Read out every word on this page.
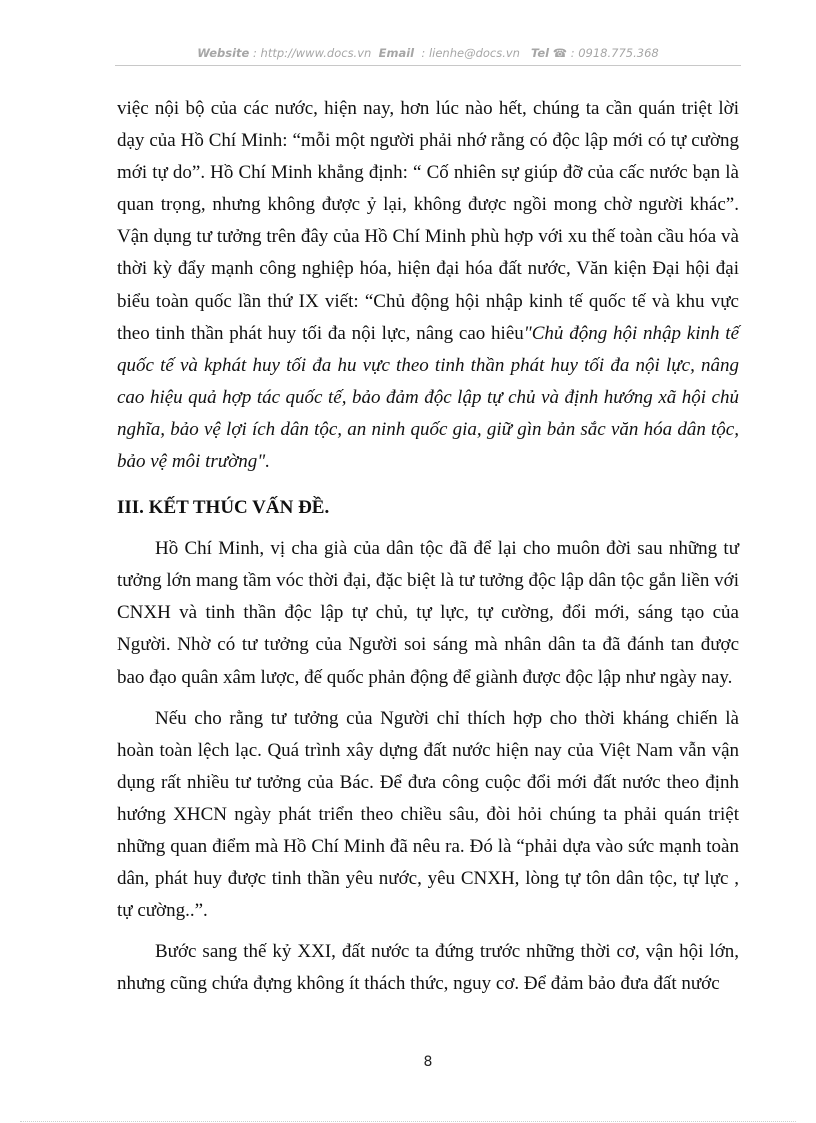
Website : http://www.docs.vn Email : lienhe@docs.vn Tel ☎ : 0918.775.368

việc nội bộ của các nước, hiện nay, hơn lúc nào hết, chúng ta cần quán triệt lời dạy của Hồ Chí Minh: “mỗi một người phải nhớ rằng có độc lập mới có tự cường mới tự do”. Hồ Chí Minh khẳng định: “ Cố nhiên sự giúp đỡ của cấc nước bạn là quan trọng, nhưng không được ỷ lại, không được ngồi mong chờ người khác”. Vận dụng tư tưởng trên đây của Hồ Chí Minh phù hợp với xu thế toàn cầu hóa và thời kỳ đẩy mạnh công nghiệp hóa, hiện đại hóa đất nước, Văn kiện Đại hội đại biểu toàn quốc lần thứ IX viết: “Chủ động hội nhập kinh tế quốc tế và khu vực theo tinh thần phát huy tối đa nội lực, nâng cao hiêu"Chủ động hội nhập kinh tế quốc tế và kphát huy tối đa hu vực theo tinh thần phát huy tối đa nội lực, nâng cao hiệu quả hợp tác quốc tế, bảo đảm độc lập tự chủ và định hướng xã hội chủ nghĩa, bảo vệ lợi ích dân tộc, an ninh quốc gia, giữ gìn bản sắc văn hóa dân tộc, bảo vệ môi trường".

III. KẾT THÚC VẤN ĐỀ.

Hồ Chí Minh, vị cha già của dân tộc đã để lại cho muôn đời sau những tư tưởng lớn mang tầm vóc thời đại, đặc biệt là tư tưởng độc lập dân tộc gắn liền với CNXH và tinh thần độc lập tự chủ, tự lực, tự cường, đổi mới, sáng tạo của Người. Nhờ có tư tưởng của Người soi sáng mà nhân dân ta đã đánh tan được bao đạo quân xâm lược, đế quốc phản động để giành được độc lập như ngày nay.

Nếu cho rằng tư tưởng của Người chỉ thích hợp cho thời kháng chiến là hoàn toàn lệch lạc. Quá trình xây dựng đất nước hiện nay của Việt Nam vẫn vận dụng rất nhiều tư tưởng của Bác. Để đưa công cuộc đổi mới đất nước theo định hướng XHCN ngày phát triển theo chiều sâu, đòi hỏi chúng ta phải quán triệt những quan điểm mà Hồ Chí Minh đã nêu ra. Đó là “phải dựa vào sức mạnh toàn dân, phát huy được tinh thần yêu nước, yêu CNXH, lòng tự tôn dân tộc, tự lực , tự cường..”.

Bước sang thế kỷ XXI, đất nước ta đứng trước những thời cơ, vận hội lớn, nhưng cũng chứa đựng không ít thách thức, nguy cơ. Để đảm bảo đưa đất nước

8
